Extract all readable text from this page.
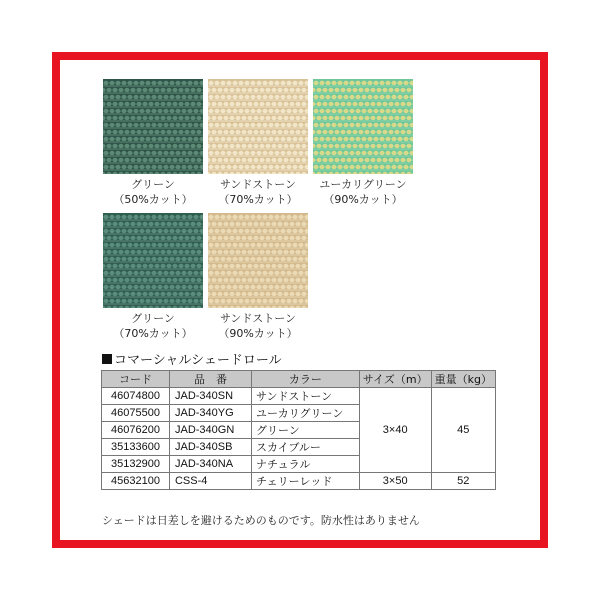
グリーン
（50%カット）
サンドストーン
（70%カット）
ユーカリグリーン
（90%カット）
グリーン
（70%カット）
サンドストーン
（90%カット）
コマーシャルシェードロール
コード	品　番	カラー	サイズ（m）	重量（kg）
46074800	JAD-340SN	サンドストーン	3×40	45
46075500	JAD-340YG	ユーカリグリーン		
46076200	JAD-340GN	グリーン		
35133600	JAD-340SB	スカイブルー		
35132900	JAD-340NA	ナチュラル		
45632100	CSS-4	チェリーレッド	3×50	52
シェードは日差しを避けるためのものです。防水性はありません
